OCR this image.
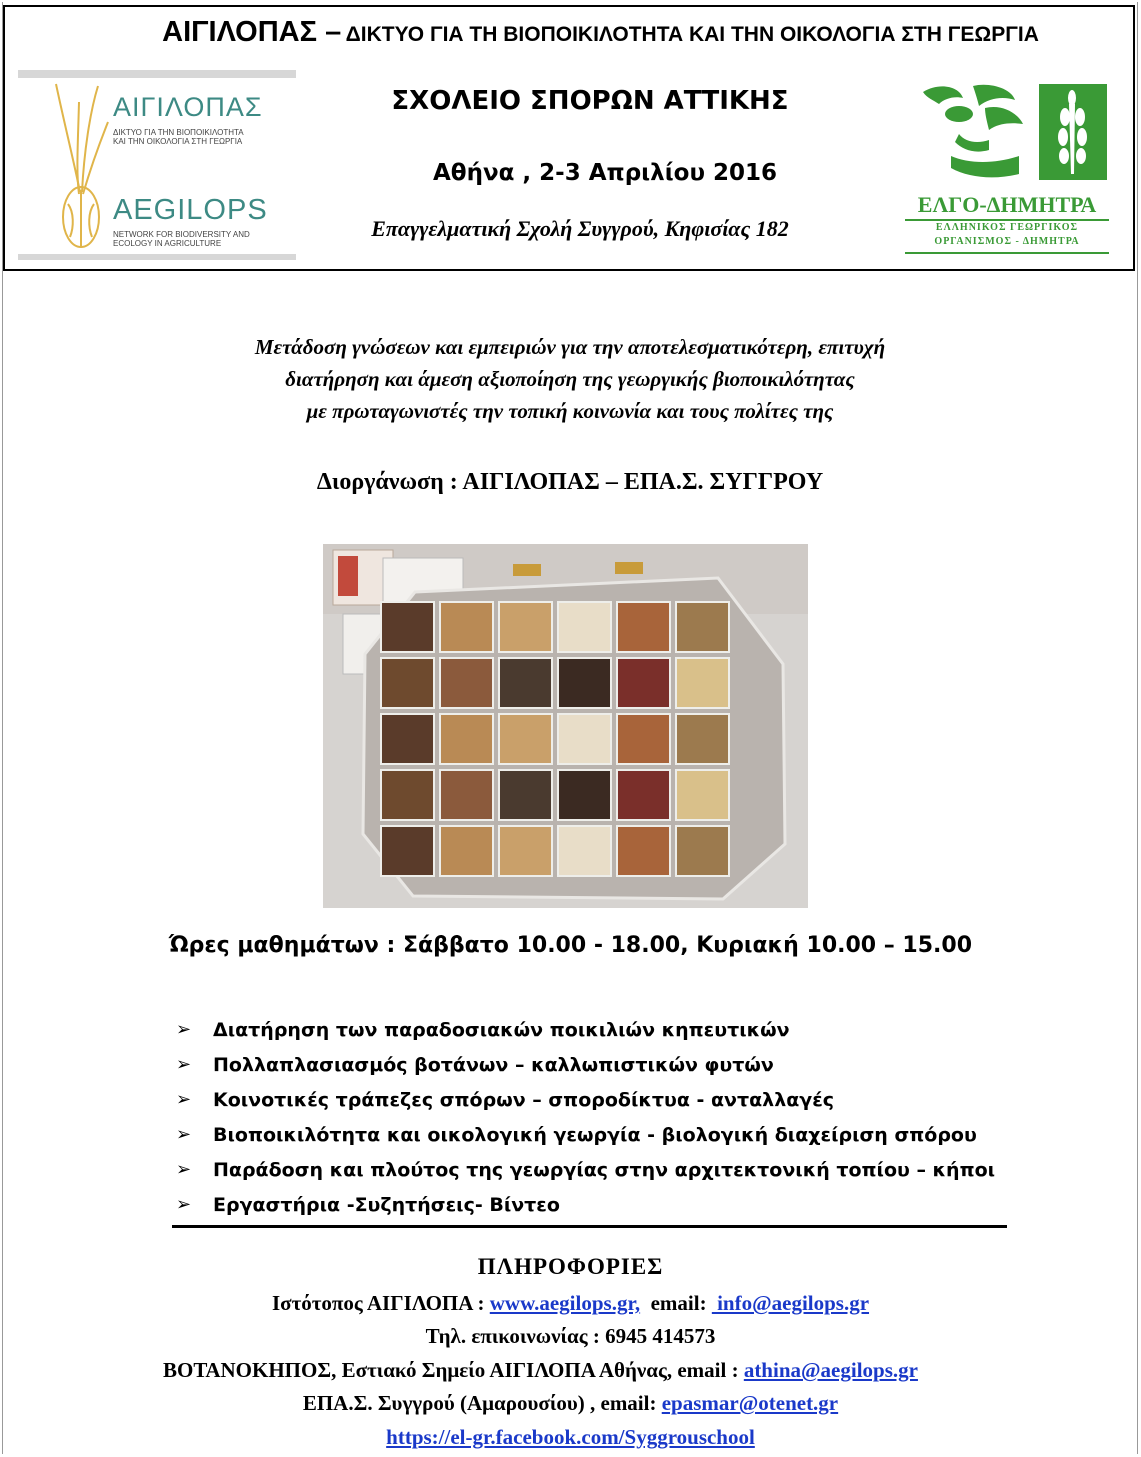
ΑΙΓΙΛΟΠΑΣ – ΔΙΚΤΥΟ ΓΙΑ ΤΗ ΒΙΟΠΟΙΚΙΛΟΤΗΤΑ ΚΑΙ ΤΗΝ ΟΙΚΟΛΟΓΙΑ ΣΤΗ ΓΕΩΡΓΙΑ
ΑΙΓΙΛΟΠΑΣ
ΔΙΚΤΥΟ ΓΙΑ ΤΗΝ ΒΙΟΠΟΙΚΙΛΟΤΗΤΑ
ΚΑΙ ΤΗΝ ΟΙΚΟΛΟΓΙΑ ΣΤΗ ΓΕΩΡΓΙΑ
AEGILOPS
NETWORK FOR BIODIVERSITY AND
ECOLOGY IN AGRICULTURE
ΣΧΟΛΕΙΟ ΣΠΟΡΩΝ ΑΤΤΙΚΗΣ
Αθήνα , 2-3 Απριλίου 2016
Επαγγελματική Σχολή Συγγρού, Κηφισίας 182
ΕΛΓΟ-ΔΗΜΗΤΡΑ
ΕΛΛΗΝΙΚΟΣ ΓΕΩΡΓΙΚΟΣ
ΟΡΓΑΝΙΣΜΟΣ - ΔΗΜΗΤΡΑ
Μετάδοση γνώσεων και εμπειριών για την αποτελεσματικότερη, επιτυχή
διατήρηση και άμεση αξιοποίηση της γεωργικής βιοποικιλότητας
με πρωταγωνιστές την τοπική κοινωνία και τους πολίτες της
Διοργάνωση : ΑΙΓΙΛΟΠΑΣ – ΕΠΑ.Σ. ΣΥΓΓΡΟΥ
Ώρες μαθημάτων : Σάββατο 10.00 - 18.00, Κυριακή 10.00 – 15.00
➢	Διατήρηση των παραδοσιακών ποικιλιών κηπευτικών
➢	Πολλαπλασιασμός βοτάνων – καλλωπιστικών φυτών
➢	Κοινοτικές τράπεζες σπόρων – σποροδίκτυα - ανταλλαγές
➢	Βιοποικιλότητα και οικολογική γεωργία - βιολογική διαχείριση σπόρου
➢	Παράδοση και πλούτος της γεωργίας στην αρχιτεκτονική τοπίου – κήποι
➢	Εργαστήρια -Συζητήσεις- Βίντεο
ΠΛΗΡΟΦΟΡΙΕΣ
Ιστότοπος ΑΙΓΙΛΟΠΑ : www.aegilops.gr,  email:  info@aegilops.gr
Τηλ. επικοινωνίας : 6945 414573
ΒΟΤΑΝΟΚΗΠΟΣ, Εστιακό Σημείο ΑΙΓΙΛΟΠΑ Αθήνας, email : athina@aegilops.gr
ΕΠΑ.Σ. Συγγρού (Αμαρουσίου) , email: epasmar@otenet.gr
https://el-gr.facebook.com/Syggrouschool
